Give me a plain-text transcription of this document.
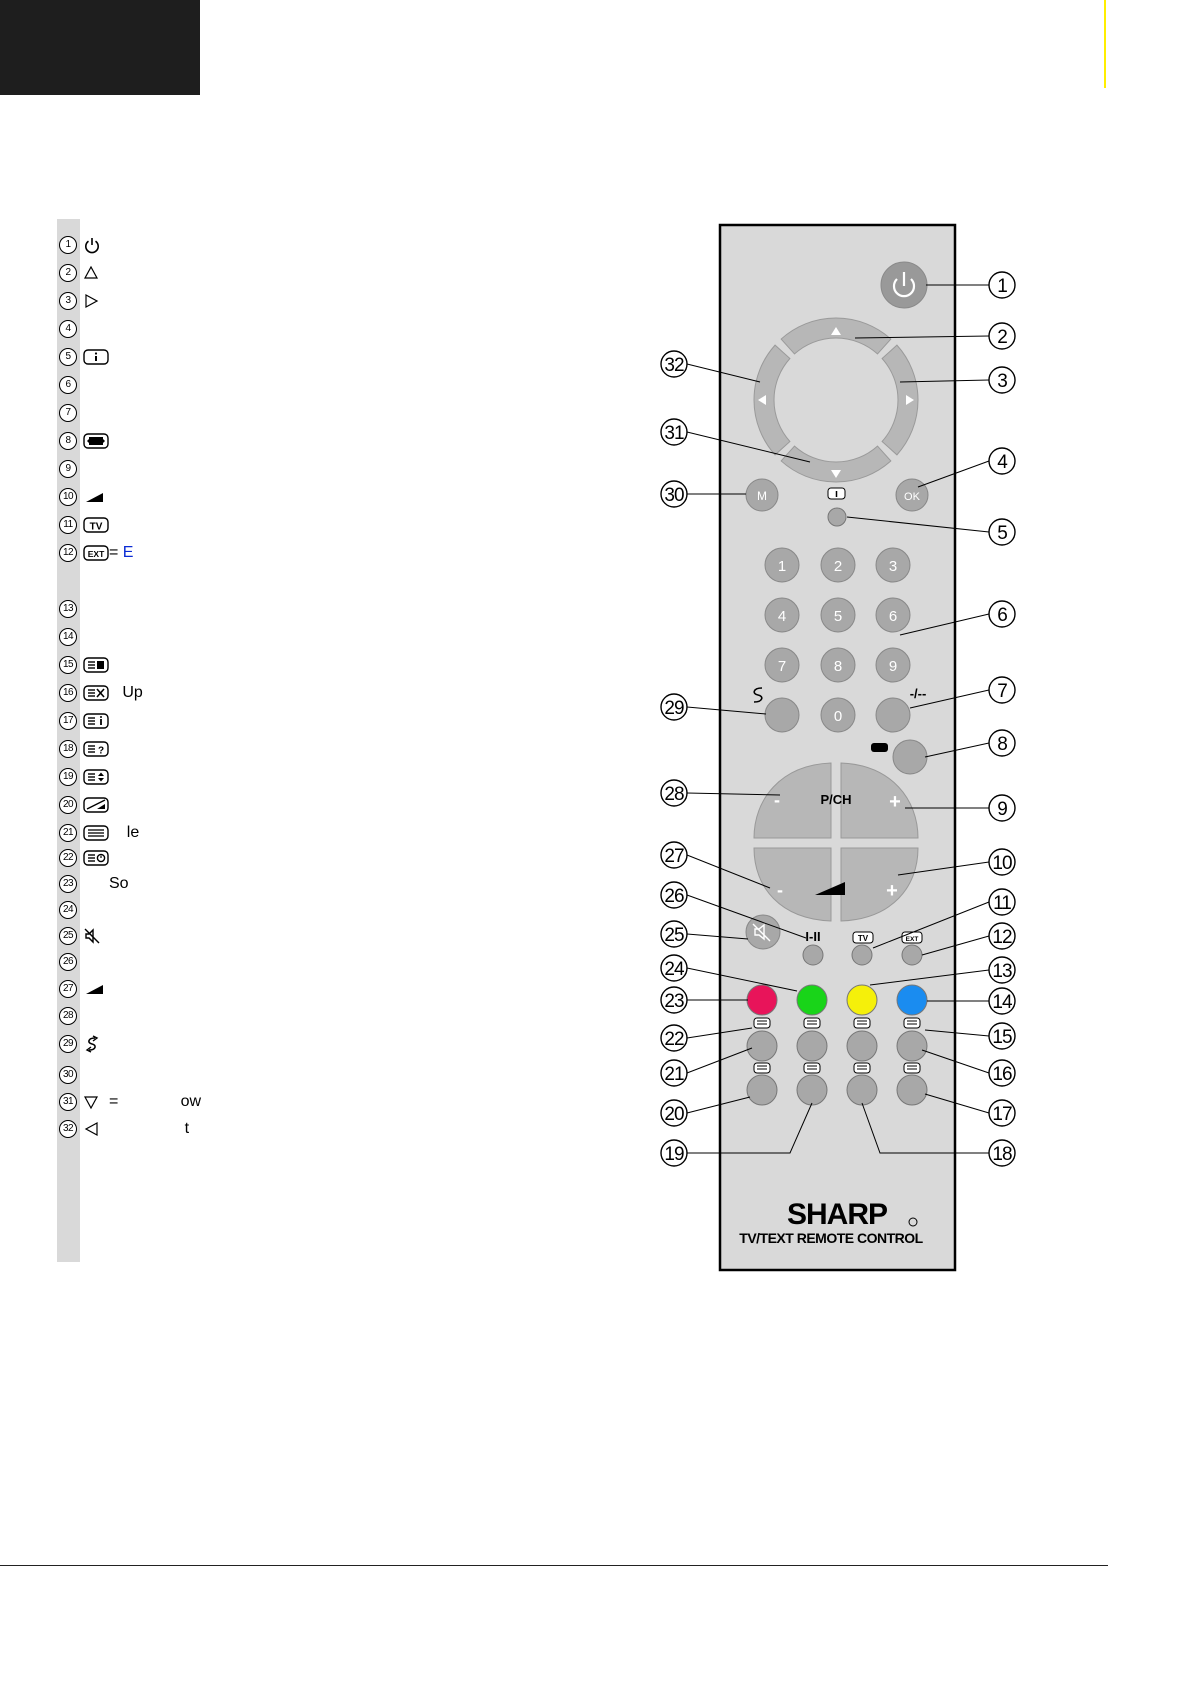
1
2
3
4
5
6
7
8
9
10
11	TV
12	EXT = E
13
14
15
16 Up
17
18	?
19
20
21 le
22
23 So
24
25
26
27
28
29
30
31 =              ow
32 t
M	OK
1	2	3
4	5	6
7	8	9
0
-/--
P/CH
-	+
-	+
I-II	TV	EXT
SHARP
TV/TEXT REMOTE CONTROL
1
2
3
4
5
6
7
8
9
10
11
12
13
14
15
16
17
18
19
20
21
22
23
24
25
26
27
28
29
30
31
32
